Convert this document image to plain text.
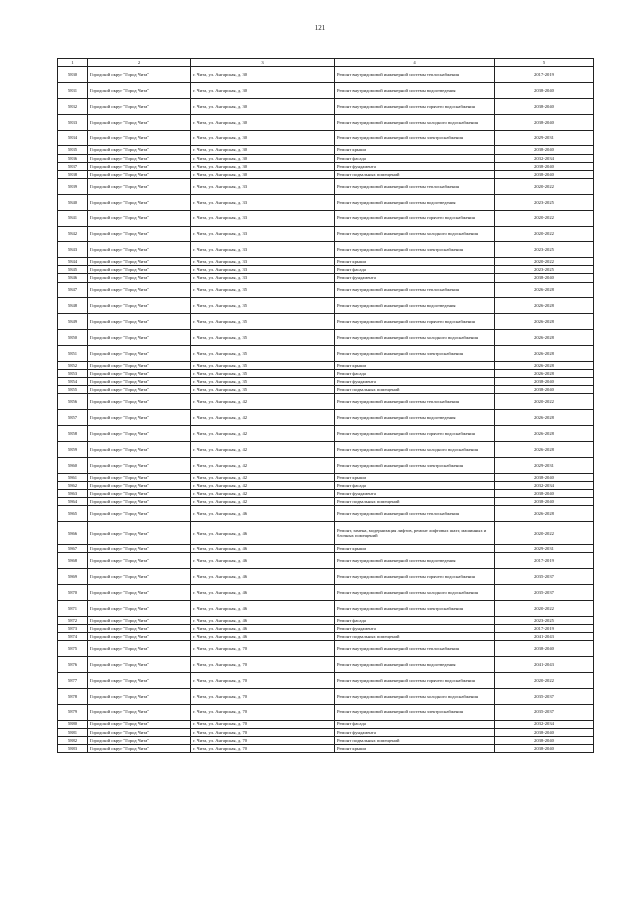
121
1	2	3	4	5
5830	Городской округ "Город Чита"	г. Чита, ул. Ангарская, д. 30	Ремонт внутридомовой инженерной системы теплоснабжения	2017-2019
5831	Городской округ "Город Чита"	г. Чита, ул. Ангарская, д. 30	Ремонт внутридомовой инженерной системы водоотведения	2038-2040
5832	Городской округ "Город Чита"	г. Чита, ул. Ангарская, д. 30	Ремонт внутридомовой инженерной системы горячего водоснабжения	2038-2040
5833	Городской округ "Город Чита"	г. Чита, ул. Ангарская, д. 30	Ремонт внутридомовой инженерной системы холодного водоснабжения	2038-2040
5834	Городской округ "Город Чита"	г. Чита, ул. Ангарская, д. 30	Ремонт внутридомовой инженерной системы электроснабжения	2029-2031
5835	Городской округ "Город Чита"	г. Чита, ул. Ангарская, д. 30	Ремонт крыши	2038-2040
5836	Городской округ "Город Чита"	г. Чита, ул. Ангарская, д. 30	Ремонт фасада	2032-2034
5837	Городской округ "Город Чита"	г. Чита, ул. Ангарская, д. 30	Ремонт фундамента	2038-2040
5838	Городской округ "Город Чита"	г. Чита, ул. Ангарская, д. 30	Ремонт подвальных помещений	2038-2040
5839	Городской округ "Город Чита"	г. Чита, ул. Ангарская, д. 33	Ремонт внутридомовой инженерной системы теплоснабжения	2020-2022
5840	Городской округ "Город Чита"	г. Чита, ул. Ангарская, д. 33	Ремонт внутридомовой инженерной системы водоотведения	2023-2025
5841	Городской округ "Город Чита"	г. Чита, ул. Ангарская, д. 33	Ремонт внутридомовой инженерной системы горячего водоснабжения	2020-2022
5842	Городской округ "Город Чита"	г. Чита, ул. Ангарская, д. 33	Ремонт внутридомовой инженерной системы холодного водоснабжения	2020-2022
5843	Городской округ "Город Чита"	г. Чита, ул. Ангарская, д. 33	Ремонт внутридомовой инженерной системы электроснабжения	2023-2025
5844	Городской округ "Город Чита"	г. Чита, ул. Ангарская, д. 33	Ремонт крыши	2020-2022
5845	Городской округ "Город Чита"	г. Чита, ул. Ангарская, д. 33	Ремонт фасада	2023-2025
5846	Городской округ "Город Чита"	г. Чита, ул. Ангарская, д. 33	Ремонт фундамента	2038-2040
5847	Городской округ "Город Чита"	г. Чита, ул. Ангарская, д. 35	Ремонт внутридомовой инженерной системы теплоснабжения	2026-2028
5848	Городской округ "Город Чита"	г. Чита, ул. Ангарская, д. 35	Ремонт внутридомовой инженерной системы водоотведения	2026-2028
5849	Городской округ "Город Чита"	г. Чита, ул. Ангарская, д. 35	Ремонт внутридомовой инженерной системы горячего водоснабжения	2026-2028
5850	Городской округ "Город Чита"	г. Чита, ул. Ангарская, д. 35	Ремонт внутридомовой инженерной системы холодного водоснабжения	2026-2028
5851	Городской округ "Город Чита"	г. Чита, ул. Ангарская, д. 35	Ремонт внутридомовой инженерной системы электроснабжения	2026-2028
5852	Городской округ "Город Чита"	г. Чита, ул. Ангарская, д. 35	Ремонт крыши	2026-2028
5853	Городской округ "Город Чита"	г. Чита, ул. Ангарская, д. 35	Ремонт фасада	2026-2028
5854	Городской округ "Город Чита"	г. Чита, ул. Ангарская, д. 35	Ремонт фундамента	2038-2040
5855	Городской округ "Город Чита"	г. Чита, ул. Ангарская, д. 35	Ремонт подвальных помещений	2038-2040
5856	Городской округ "Город Чита"	г. Чита, ул. Ангарская, д. 42	Ремонт внутридомовой инженерной системы теплоснабжения	2020-2022
5857	Городской округ "Город Чита"	г. Чита, ул. Ангарская, д. 42	Ремонт внутридомовой инженерной системы водоотведения	2026-2028
5858	Городской округ "Город Чита"	г. Чита, ул. Ангарская, д. 42	Ремонт внутридомовой инженерной системы горячего водоснабжения	2026-2028
5859	Городской округ "Город Чита"	г. Чита, ул. Ангарская, д. 42	Ремонт внутридомовой инженерной системы холодного водоснабжения	2026-2028
5860	Городской округ "Город Чита"	г. Чита, ул. Ангарская, д. 42	Ремонт внутридомовой инженерной системы электроснабжения	2029-2031
5861	Городской округ "Город Чита"	г. Чита, ул. Ангарская, д. 42	Ремонт крыши	2038-2040
5862	Городской округ "Город Чита"	г. Чита, ул. Ангарская, д. 42	Ремонт фасада	2032-2034
5863	Городской округ "Город Чита"	г. Чита, ул. Ангарская, д. 42	Ремонт фундамента	2038-2040
5864	Городской округ "Город Чита"	г. Чита, ул. Ангарская, д. 42	Ремонт подвальных помещений	2038-2040
5865	Городской округ "Город Чита"	г. Чита, ул. Ангарская, д. 46	Ремонт внутридомовой инженерной системы теплоснабжения	2026-2028
5866	Городской округ "Город Чита"	г. Чита, ул. Ангарская, д. 46	Ремонт, замена, модернизация лифтов, ремонт лифтовых шахт, машинных и блочных помещений	2020-2022
5867	Городской округ "Город Чита"	г. Чита, ул. Ангарская, д. 46	Ремонт крыши	2029-2031
5868	Городской округ "Город Чита"	г. Чита, ул. Ангарская, д. 46	Ремонт внутридомовой инженерной системы водоотведения	2017-2019
5869	Городской округ "Город Чита"	г. Чита, ул. Ангарская, д. 46	Ремонт внутридомовой инженерной системы горячего водоснабжения	2035-2037
5870	Городской округ "Город Чита"	г. Чита, ул. Ангарская, д. 46	Ремонт внутридомовой инженерной системы холодного водоснабжения	2035-2037
5871	Городской округ "Город Чита"	г. Чита, ул. Ангарская, д. 46	Ремонт внутридомовой инженерной системы электроснабжения	2020-2022
5872	Городской округ "Город Чита"	г. Чита, ул. Ангарская, д. 46	Ремонт фасада	2023-2025
5873	Городской округ "Город Чита"	г. Чита, ул. Ангарская, д. 46	Ремонт фундамента	2017-2019
5874	Городской округ "Город Чита"	г. Чита, ул. Ангарская, д. 46	Ремонт подвальных помещений	2041-2043
5875	Городской округ "Город Чита"	г. Чита, ул. Ангарская, д. 70	Ремонт внутридомовой инженерной системы теплоснабжения	2038-2040
5876	Городской округ "Город Чита"	г. Чита, ул. Ангарская, д. 70	Ремонт внутридомовой инженерной системы водоотведения	2041-2043
5877	Городской округ "Город Чита"	г. Чита, ул. Ангарская, д. 70	Ремонт внутридомовой инженерной системы горячего водоснабжения	2020-2022
5878	Городской округ "Город Чита"	г. Чита, ул. Ангарская, д. 70	Ремонт внутридомовой инженерной системы холодного водоснабжения	2035-2037
5879	Городской округ "Город Чита"	г. Чита, ул. Ангарская, д. 70	Ремонт внутридомовой инженерной системы электроснабжения	2035-2037
5880	Городской округ "Город Чита"	г. Чита, ул. Ангарская, д. 70	Ремонт фасада	2032-2034
5881	Городской округ "Город Чита"	г. Чита, ул. Ангарская, д. 70	Ремонт фундамента	2038-2040
5882	Городской округ "Город Чита"	г. Чита, ул. Ангарская, д. 70	Ремонт подвальных помещений	2038-2040
5883	Городской округ "Город Чита"	г. Чита, ул. Ангарская, д. 70	Ремонт крыши	2038-2040
